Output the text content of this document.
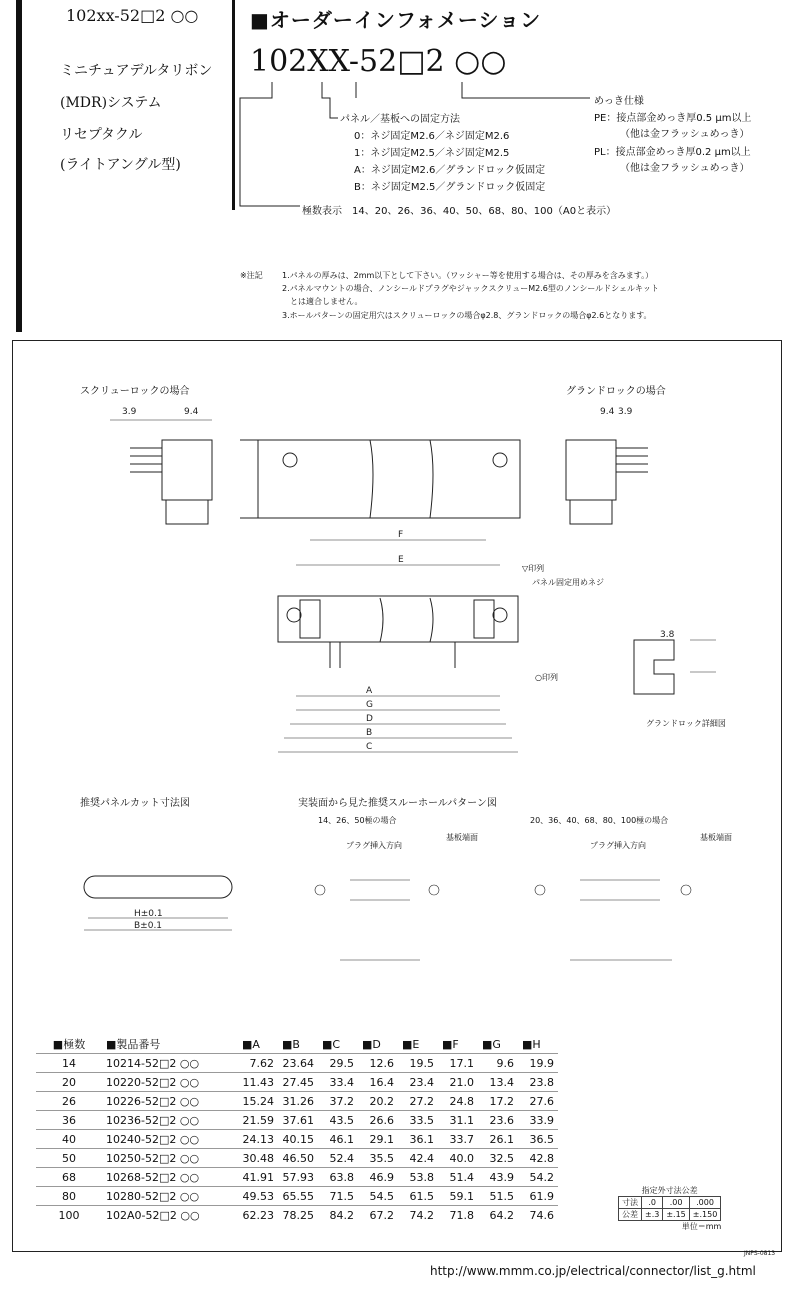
102xx-52□2 ○○
ミニチュアデルタリボン
(MDR)システム
リセプタクル
(ライトアングル型)
■オーダーインフォメーション
102XX-52□2 ○○
めっき仕様
PE：接点部金めっき厚0.5 μm以上
（他は金フラッシュめっき）
PL：接点部金めっき厚0.2 μm以上
（他は金フラッシュめっき）
パネル／基板への固定方法
0：ネジ固定M2.6／ネジ固定M2.6
1：ネジ固定M2.5／ネジ固定M2.5
A：ネジ固定M2.6／グランドロック仮固定
B：ネジ固定M2.5／グランドロック仮固定
極数表示　14、20、26、36、40、50、68、80、100（A0と表示）
※注記 1.パネルの厚みは、2mm以下として下さい。（ワッシャー等を使用する場合は、その厚みを含みます。）
2.パネルマウントの場合、ノンシールドプラグやジャックスクリューM2.6型のノンシールドシェルキット
　とは適合しません。
3.ホールパターンの固定用穴はスクリューロックの場合φ2.8、グランドロックの場合φ2.6となります。
3.9	9.4	9.4 3.9
F
E
A
G
D
B
C
3.8
H±0.1
B±0.1
スクリューロックの場合	グランドロックの場合
▽印列
パネル固定用めネジ
○印列
グランドロック詳細図
推奨パネルカット寸法図	実装面から見た推奨スルーホールパターン図
14、26、50極の場合	20、36、40、68、80、100極の場合
プラグ挿入方向
基板端面
プラグ挿入方向
基板端面
■極数	■製品番号	■A	■B	■C	■D	■E	■F	■G	■H
14	10214-52□2 ○○	7.62	23.64	29.5	12.6	19.5	17.1	9.6	19.9
20	10220-52□2 ○○	11.43	27.45	33.4	16.4	23.4	21.0	13.4	23.8
26	10226-52□2 ○○	15.24	31.26	37.2	20.2	27.2	24.8	17.2	27.6
36	10236-52□2 ○○	21.59	37.61	43.5	26.6	33.5	31.1	23.6	33.9
40	10240-52□2 ○○	24.13	40.15	46.1	29.1	36.1	33.7	26.1	36.5
50	10250-52□2 ○○	30.48	46.50	52.4	35.5	42.4	40.0	32.5	42.8
68	10268-52□2 ○○	41.91	57.93	63.8	46.9	53.8	51.4	43.9	54.2
80	10280-52□2 ○○	49.53	65.55	71.5	54.5	61.5	59.1	51.5	61.9
100	102A0-52□2 ○○	62.23	78.25	84.2	67.2	74.2	71.8	64.2	74.6
指定外寸法公差
寸法	.0	.00	.000
公差	±.3	±.15	±.150
単位＝mm
JNPS-0813
http://www.mmm.co.jp/electrical/connector/list_g.html
